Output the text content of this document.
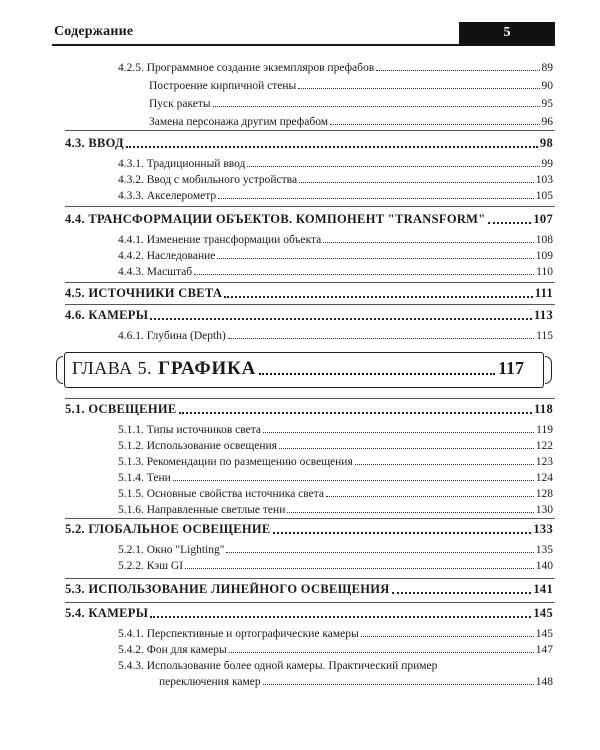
Содержание	5
4.2.5. Программное создание экземпляров префабов	89
Построение кирпичной стены	90
Пуск ракеты	95
Замена персонажа другим префабом	96
4.3. ВВОД	98
4.3.1. Традиционный ввод	99
4.3.2. Ввод с мобильного устройства	103
4.3.3. Акселерометр	105
4.4. ТРАНСФОРМАЦИИ ОБЪЕКТОВ. КОМПОНЕНТ "TRANSFORM"	107
4.4.1. Изменение трансформации объекта	108
4.4.2. Наследование	109
4.4.3. Масштаб	110
4.5. ИСТОЧНИКИ СВЕТА	111
4.6. КАМЕРЫ	113
4.6.1. Глубина (Depth)	115
ГЛАВА 5. ГРАФИКА	117
5.1. ОСВЕЩЕНИЕ	118
5.1.1. Типы источников света	119
5.1.2. Использование освещения	122
5.1.3. Рекомендации по размещению освещения	123
5.1.4. Тени	124
5.1.5. Основные свойства источника света	128
5.1.6. Направленные светлые тени	130
5.2. ГЛОБАЛЬНОЕ ОСВЕЩЕНИЕ	133
5.2.1. Окно "Lighting"	135
5.2.2. Кэш GI	140
5.3. ИСПОЛЬЗОВАНИЕ ЛИНЕЙНОГО ОСВЕЩЕНИЯ	141
5.4. КАМЕРЫ	145
5.4.1. Перспективные и ортографические камеры	145
5.4.2. Фон для камеры	147
5.4.3. Использование более одной камеры. Практический пример
переключения камер	148
